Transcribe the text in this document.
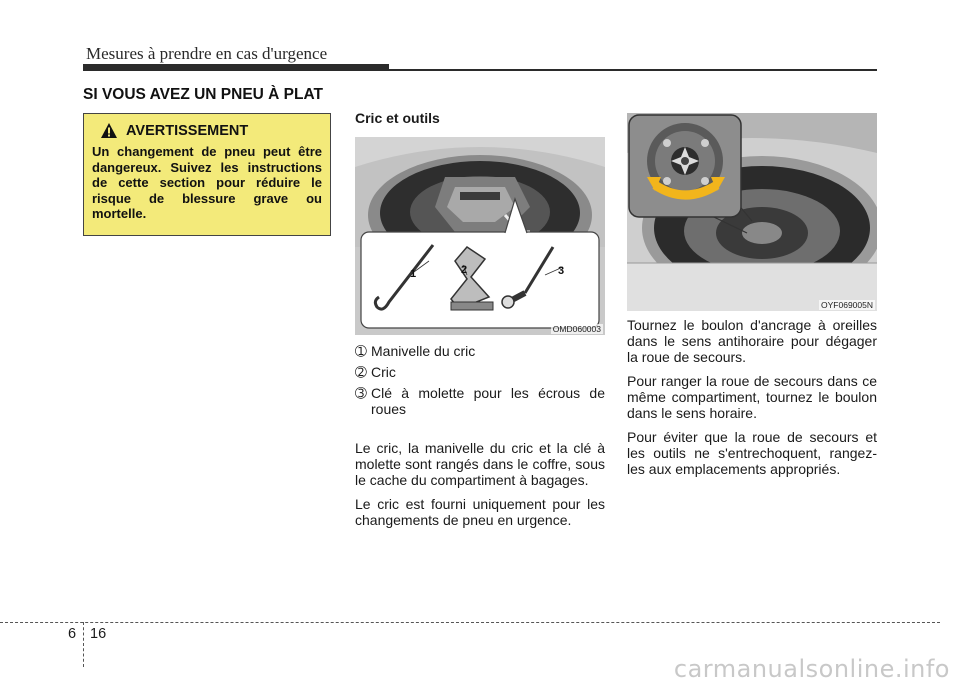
Mesures à prendre en cas d'urgence
SI VOUS AVEZ UN PNEU À PLAT
AVERTISSEMENT
Un changement de pneu peut être dangereux. Suivez les instructions de cette section pour réduire le risque de blessure grave ou mortelle.
Cric et outils
1	2	3
OMD060003
➀ Manivelle du cric
➁ Cric
➂ Clé à molette pour les écrous de roues

Le cric, la manivelle du cric et la clé à molette sont rangés dans le coffre, sous le cache du compartiment à bagages.

Le cric est fourni uniquement pour les changements de pneu en urgence.

OYF069005N

Tournez le boulon d'ancrage à oreilles dans le sens antihoraire pour dégager la roue de secours.

Pour ranger la roue de secours dans ce même compartiment, tournez le boulon dans le sens horaire.

Pour éviter que la roue de secours et les outils ne s'entrechoquent, rangez-les aux emplacements appropriés.

6 16
carmanualsonline.info
